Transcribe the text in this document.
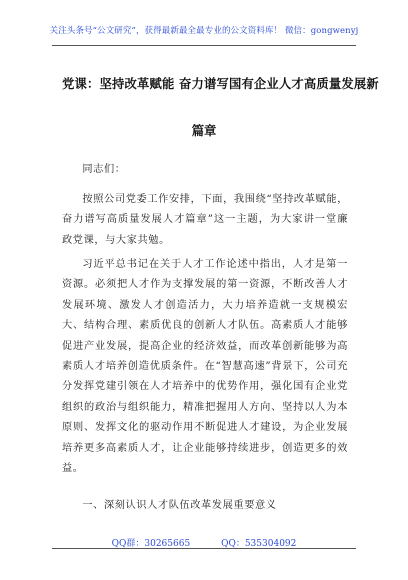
关注头条号“公文研究”，获得最新最全最专业的公文资料库！ 微信：gongwenyj
党课：坚持改革赋能 奋力谱写国有企业人才高质量发展新
篇章
同志们：
按照公司党委工作安排，下面，我围绕“坚持改革赋能，奋力谱写高质量发展人才篇章”这一主题，为大家讲一堂廉政党课，与大家共勉。
习近平总书记在关于人才工作论述中指出，人才是第一资源。必须把人才作为支撑发展的第一资源，不断改善人才发展环境、激发人才创造活力，大力培养造就一支规模宏大、结构合理、素质优良的创新人才队伍。高素质人才能够促进产业发展，提高企业的经济效益，而改革创新能够为高素质人才培养创造优质条件。在“智慧高速”背景下，公司充分发挥党建引领在人才培养中的优势作用，强化国有企业党组织的政治与组织能力，精准把握用人方向、坚持以人为本原则、发挥文化的驱动作用不断促进人才建设，为企业发展培养更多高素质人才，让企业能够持续进步，创造更多的效益。
一、深刻认识人才队伍改革发展重要意义
QQ群：30265665	QQ：535304092
